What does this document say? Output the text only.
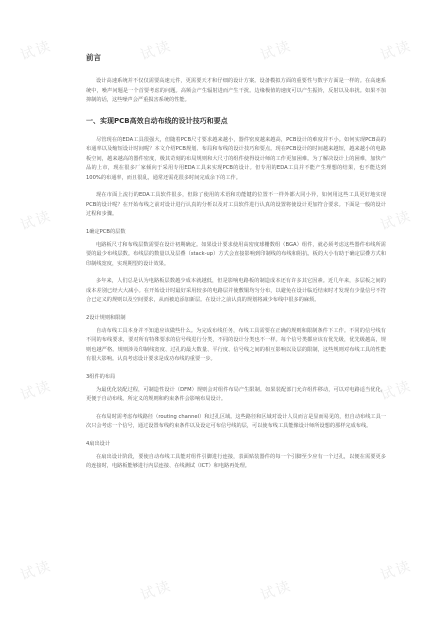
试读	试读	试读	试读
试读	试读
试读	试读
试读
试读	试读
试读
前言

设计高速系统并不仅仅需要高速元件，更需要天才和仔细的设计方案。设备模拟方面的重要性与数字方面是一样的。在高速系统中，噪声问题是一个首要考虑的问题。高频会产生辐射进而产生干扰。边缘极值的速度可以产生振铃，反射以及串扰。如果不加抑制的话，这些噪声会严重损害系统的性能。

一、实现PCB高效自动布线的设计技巧和要点

尽管现在的EDA工具很强大，但随着PCB尺寸要求越来越小，器件密度越来越高，PCB设计的难度并不小。如何实现PCB高的布通率以及缩短设计时间呢？本文介绍PCB规划、布局和布线的设计技巧和要点。现在PCB设计的时间越来越短，越来越小的电路板空间，越来越高的器件密度，极其苛刻的布局规则和大尺寸的组件使得设计师的工作更加困难。为了解决设计上的困难，加快产品的上市，现在很多厂家倾向于采用专用EDA工具来实现PCB的设计。但专用的EDA工具并不能产生理想的结果，也不能达到100%的布通率，而且很乱，通常还需花很多时间完成余下的工作。

现在市面上流行的EDA工具软件很多，但除了使用的术语和功能键的位置不一样外都大同小异，如何用这些工具更好地实现PCB的设计呢？在开始布线之前对设计进行认真的分析以及对工具软件进行认真的设置将使设计更加符合要求。下面是一般的设计过程和步骤。

1确定PCB的层数

电路板尺寸和布线层数需要在设计初期确定。如果设计要求使用高密度球栅数组（BGA）组件，就必须考虑这些器件布线所需要的最少布线层数。布线层的数量以及层叠（stack-up）方式会直接影响到印制线的布线和阻抗。板的大小有助于确定层叠方式和印制线宽度，实现期望的设计效果。

多年来，人们总是认为电路板层数越少成本就越低，但是影响电路板的制造成本还有许多其它因素。近几年来，多层板之间的成本差别已经大大减小。在开始设计时最好采用较多的电路层并使敷铜均匀分布，以避免在设计临近结束时才发现有少量信号不符合已定义的规则以及空间要求，从而被迫添加新层。在设计之前认真的规划将减少布线中很多的麻烦。

2设计规则和限制

自动布线工具本身并不知道应该做些什么。为完成布线任务，布线工具需要在正确的规则和限制条件下工作。不同的信号线有不同的布线要求，要对所有特殊要求的信号线进行分类，不同的设计分类也不一样。每个信号类都应该有优先级，优先级越高，规则也越严格。规则涉及印制线宽度、过孔的最大数量、平行度、信号线之间的相互影响以及层的限制，这些规则对布线工具的性能有很大影响。认真考虑设计要求是成功布线的重要一步。

3组件的布局

为最优化装配过程，可制造性设计（DFM）规则会对组件布局产生限制。如果装配部门允许组件移动，可以对电路适当优化，更便于自动布线。所定义的规则和约束条件会影响布局设计。

在布局时需考虑布线路径（routing channel）和过孔区域。这些路径和区域对设计人员而言是显而易见的，但自动布线工具一次只会考虑一个信号，通过设置布线约束条件以及设定可布信号线的层，可以使布线工具能像设计师所设想的那样完成布线。

4扇出设计

在扇出设计阶段，要使自动布线工具能对组件引脚进行连接，表面贴装器件的每一个引脚至少应有一个过孔，以便在需要更多的连接时，电路板能够进行内层连接、在线测试（ICT）和电路再处理。
